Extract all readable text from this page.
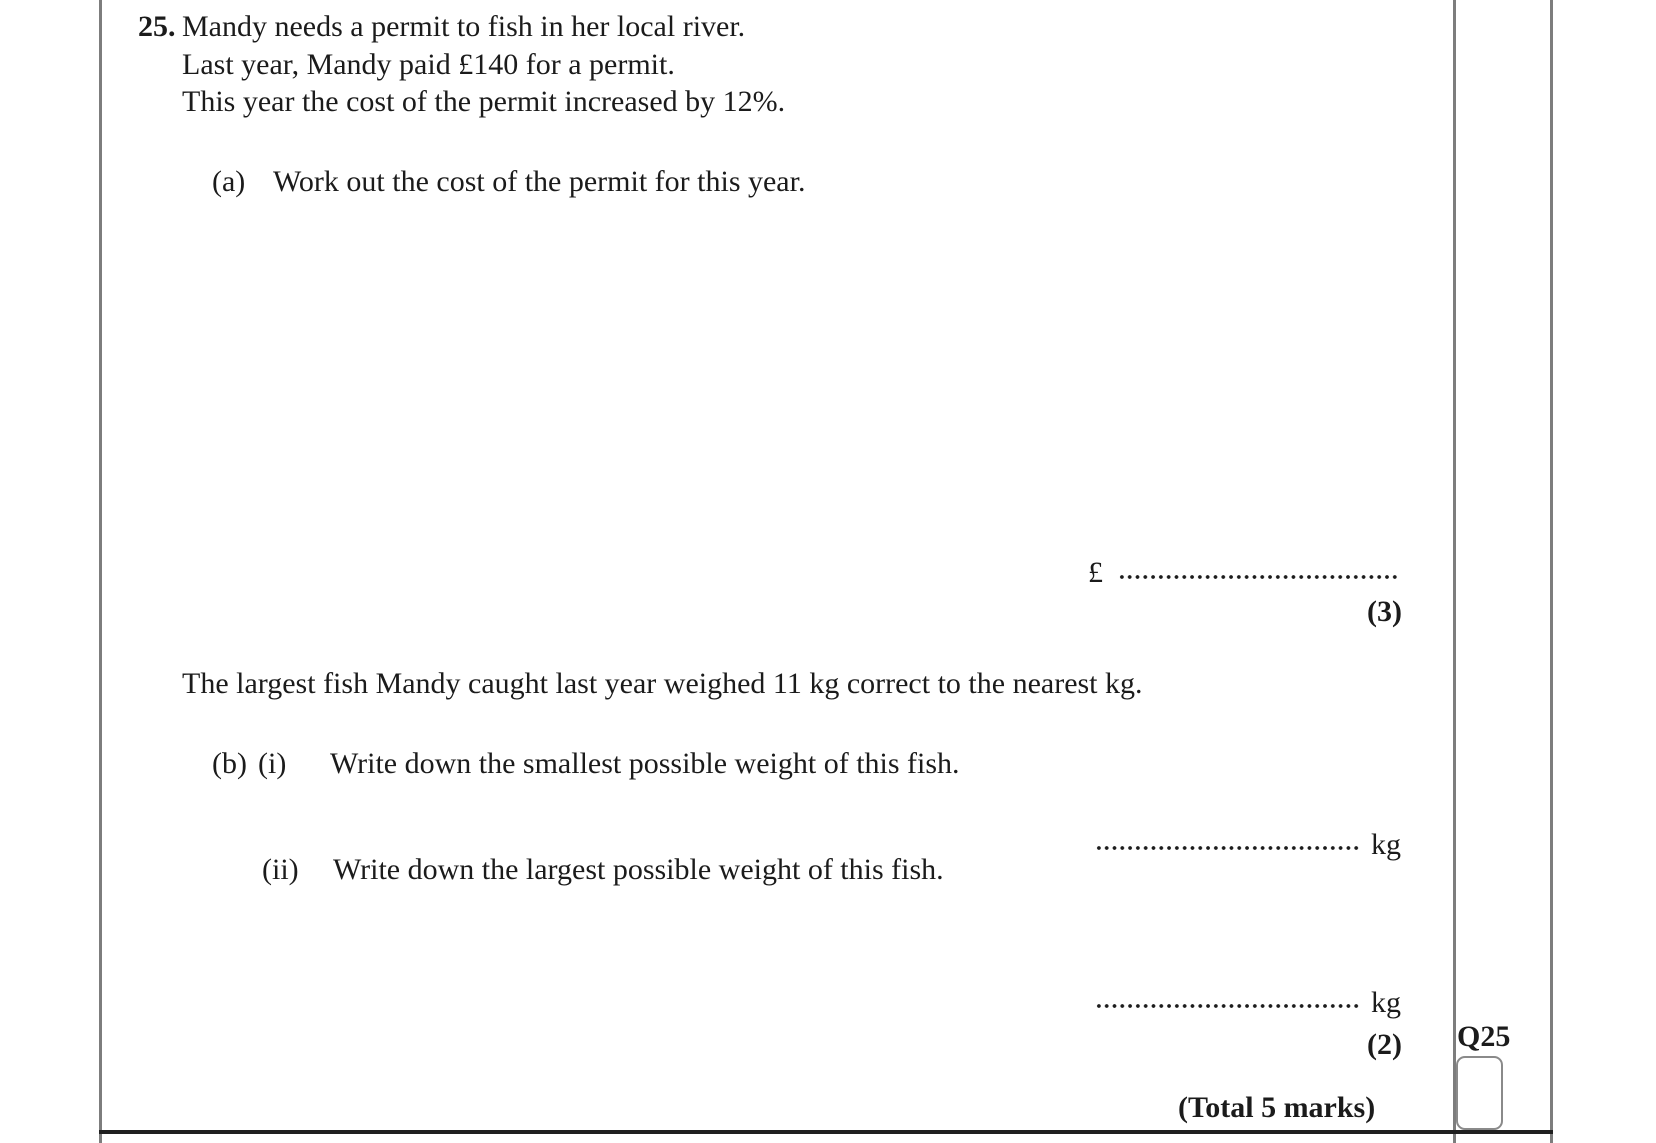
25. Mandy needs a permit to fish in her local river.
Last year, Mandy paid £140 for a permit.
This year the cost of the permit increased by 12%.
(a) Work out the cost of the permit for this year.
£
(3)
The largest fish Mandy caught last year weighed 11 kg correct to the nearest kg.
(b) (i) Write down the smallest possible weight of this fish.
kg
(ii) Write down the largest possible weight of this fish.
kg
(2) Q25
(Total 5 marks)
